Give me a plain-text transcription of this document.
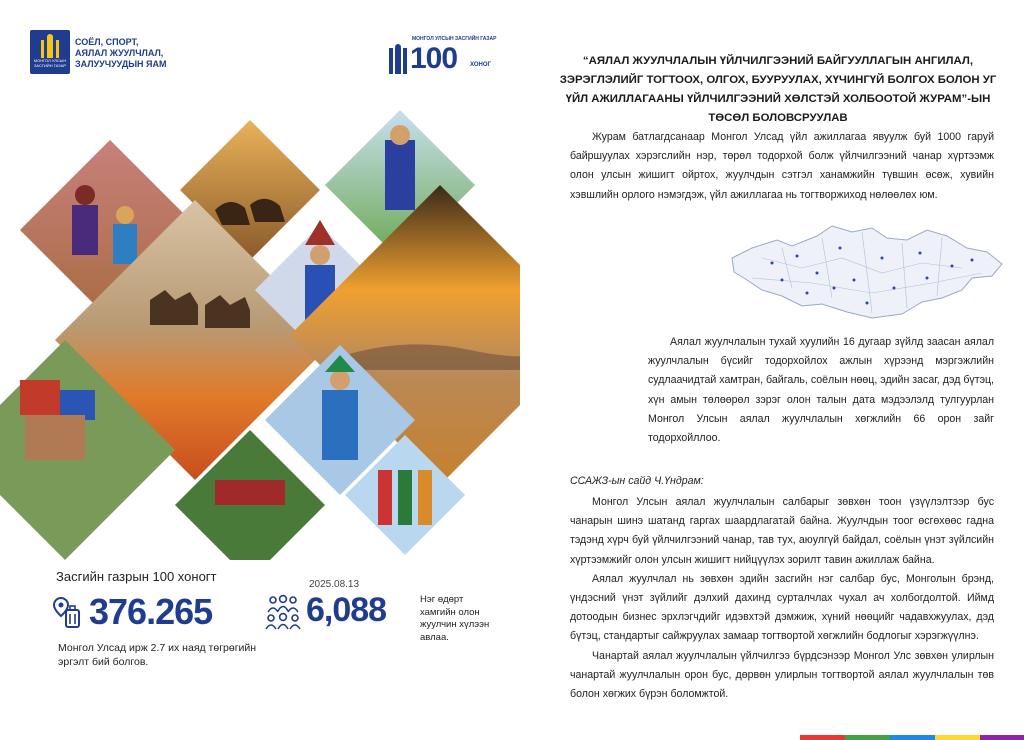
МОНГОЛ УЛСЫН
ЗАСГИЙН ГАЗАР
СОЁЛ, СПОРТ,
АЯЛАЛ ЖУУЛЧЛАЛ,
ЗАЛУУЧУУДЫН ЯАМ
МОНГОЛ УЛСЫН ЗАСГИЙН ГАЗАР
100 ХОНОГ	“АЯЛАЛ ЖУУЛЧЛАЛЫН ҮЙЛЧИЛГЭЭНИЙ БАЙГУУЛЛАГЫН АНГИЛАЛ, ЗЭРЭГЛЭЛИЙГ ТОГТООХ, ОЛГОХ, БУУРУУЛАХ, ХҮЧИНГҮЙ БОЛГОХ БОЛОН УГ ҮЙЛ АЖИЛЛАГААНЫ ҮЙЛЧИЛГЭЭНИЙ ХӨЛСТЭЙ ХОЛБООТОЙ ЖУРАМ”-ЫН ТӨСӨЛ БОЛОВСРУУЛАВ

Журам батлагдсанаар Монгол Улсад үйл ажиллагаа явуулж буй 1000 гаруй байршуулах хэрэгслийн нэр, төрөл тодорхой болж үйлчилгээний чанар хүртээмж олон улсын жишигт ойртох, жуулчдын сэтгэл ханамжийн түвшин өсөж, хувийн хэвшлийн орлого нэмэгдэж, үйл ажиллагаа нь тогтворжиход нөлөөлөх юм.

Аялал жуулчлалын тухай хуулийн 16 дугаар зүйлд заасан аялал жуулчлалын бүсийг тодорхойлох ажлын хүрээнд мэргэжлийн судлаачидтай хамтран, байгаль, соёлын нөөц, эдийн засаг, дэд бүтэц, хүн амын төлөөрөл зэрэг олон талын дата мэдээлэлд тулгуурлан Монгол Улсын аялал жуулчлалын хөгжлийн 66 орон зайг тодорхойллоо.

ССАЖЗ-ын сайд Ч.Үндрам:

Монгол Улсын аялал жуулчлалын салбарыг зөвхөн тоон үзүүлэлтээр бус чанарын шинэ шатанд гаргах шаардлагатай байна. Жуулчдын тоог өсгөхөөс гадна тэдэнд хүрч буй үйлчилгээний чанар, тав тух, аюулгүй байдал, соёлын үнэт зүйлсийн хүртээмжийг олон улсын жишигт нийцүүлэх зорилт тавин ажиллаж байна.

Аялал жуулчлал нь зөвхөн эдийн засгийн нэг салбар бус, Монголын брэнд, үндэсний үнэт зүйлийг дэлхий дахинд сурталчлах чухал ач холбогдолтой. Иймд дотоодын бизнес эрхлэгчдийг идэвхтэй дэмжиж, хүний нөөцийг чадавхжуулах, дэд бүтэц, стандартыг сайжруулах замаар тогтвортой хөгжлийн бодлогыг хэрэгжүүлнэ.

Чанартай аялал жуулчлалын үйлчилгээ бүрдсэнээр Монгол Улс зөвхөн улирлын чанартай жуулчлалын орон бус, дөрвөн улирлын тогтвортой аялал жуулчлалын төв болон хөгжих бүрэн боломжтой.

Засгийн газрын 100 хоногт
376.265
Монгол Улсад ирж 2.7 их наяд төгрөгийн эргэлт бий болгов.
2025.08.13
6,088	Нэг өдөрт хамгийн олон жуулчин хүлээн авлаа.
